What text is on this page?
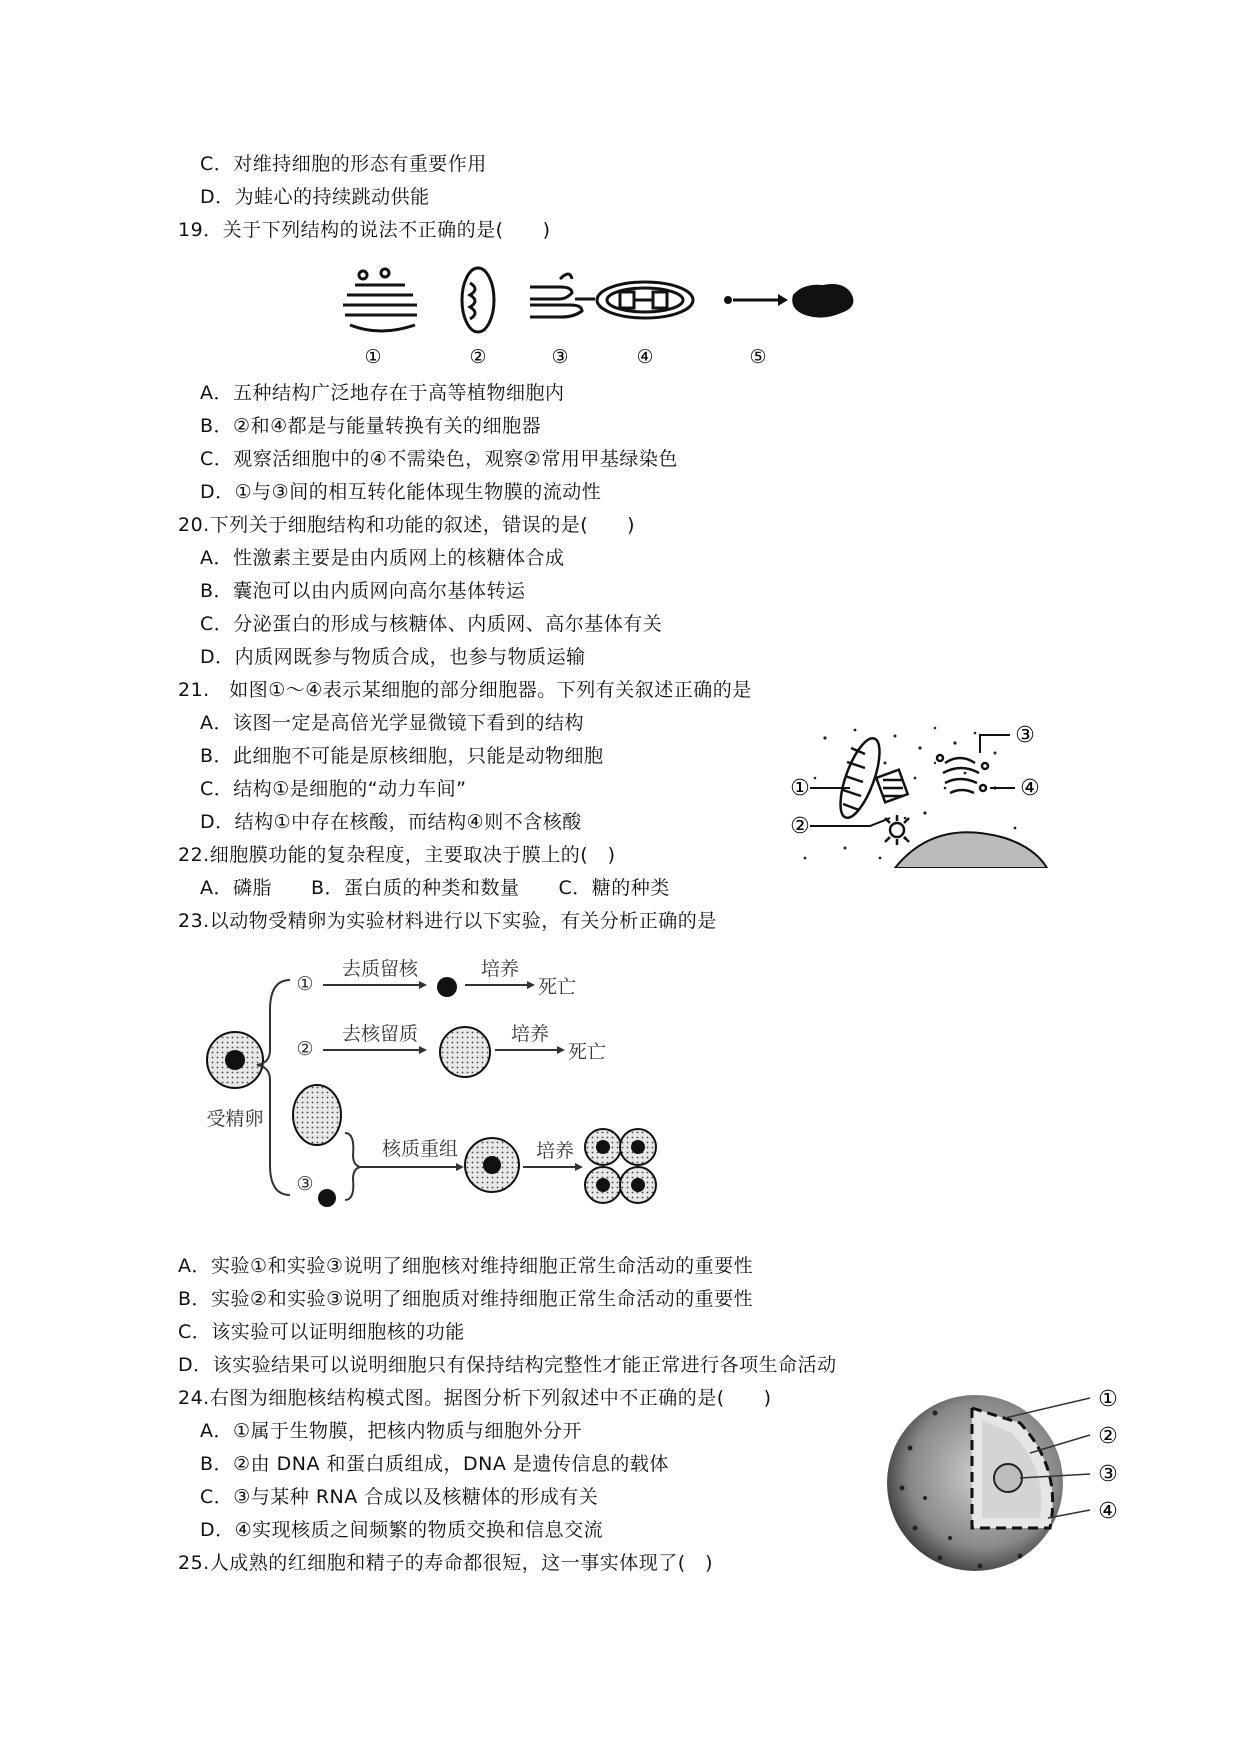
C．对维持细胞的形态有重要作用
D．为蛙心的持续跳动供能
19．关于下列结构的说法不正确的是(　　)
①	②	③	④	⑤
A．五种结构广泛地存在于高等植物细胞内
B．②和④都是与能量转换有关的细胞器
C．观察活细胞中的④不需染色，观察②常用甲基绿染色
D．①与③间的相互转化能体现生物膜的流动性
20.下列关于细胞结构和功能的叙述，错误的是(　　)
A．性激素主要是由内质网上的核糖体合成
B．囊泡可以由内质网向高尔基体转运
C．分泌蛋白的形成与核糖体、内质网、高尔基体有关
D．内质网既参与物质合成，也参与物质运输
21.　如图①～④表示某细胞的部分细胞器。下列有关叙述正确的是
A．该图一定是高倍光学显微镜下看到的结构
B．此细胞不可能是原核细胞，只能是动物细胞
C．结构①是细胞的“动力车间”
D．结构①中存在核酸，而结构④则不含核酸
①
②
③
④
22.细胞膜功能的复杂程度，主要取决于膜上的(　)
A．磷脂　　B．蛋白质的种类和数量　　C．糖的种类
23.以动物受精卵为实验材料进行以下实验，有关分析正确的是
受精卵
①
去质留核	培养
死亡
②
去核留质	培养
死亡
③
核质重组	培养
A．实验①和实验③说明了细胞核对维持细胞正常生命活动的重要性
B．实验②和实验③说明了细胞质对维持细胞正常生命活动的重要性
C．该实验可以证明细胞核的功能
D．该实验结果可以说明细胞只有保持结构完整性才能正常进行各项生命活动
24.右图为细胞核结构模式图。据图分析下列叙述中不正确的是(　　)
A．①属于生物膜，把核内物质与细胞外分开
B．②由 DNA 和蛋白质组成，DNA 是遗传信息的载体
C．③与某种 RNA 合成以及核糖体的形成有关
D．④实现核质之间频繁的物质交换和信息交流
①
②
③
④
25.人成熟的红细胞和精子的寿命都很短，这一事实体现了(　)
